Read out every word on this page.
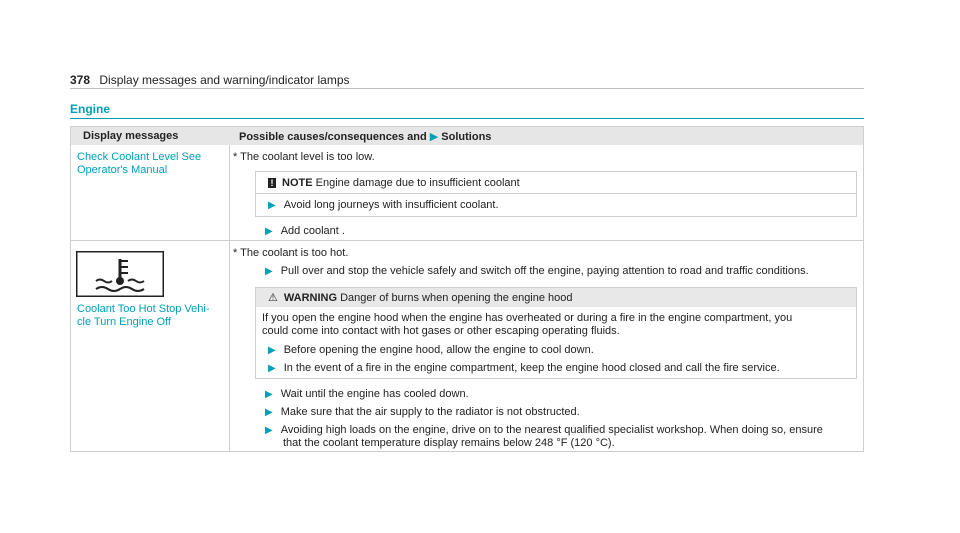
378 Display messages and warning/indicator lamps
Engine
Display messages	Possible causes/consequences and ▶ Solutions
Check Coolant Level See
Operator's Manual
* The coolant level is too low.
! NOTE Engine damage due to insufficient coolant
▶ Avoid long journeys with insufficient coolant.
▶ Add coolant .
Coolant Too Hot Stop Vehi-
cle Turn Engine Off
* The coolant is too hot.
▶ Pull over and stop the vehicle safely and switch off the engine, paying attention to road and traffic conditions.
⚠ WARNING Danger of burns when opening the engine hood
If you open the engine hood when the engine has overheated or during a fire in the engine compartment, you
could come into contact with hot gases or other escaping operating fluids.
▶ Before opening the engine hood, allow the engine to cool down.
▶ In the event of a fire in the engine compartment, keep the engine hood closed and call the fire service.
▶ Wait until the engine has cooled down.
▶ Make sure that the air supply to the radiator is not obstructed.
▶ Avoiding high loads on the engine, drive on to the nearest qualified specialist workshop. When doing so, ensure
that the coolant temperature display remains below 248 °F (120 °C).
